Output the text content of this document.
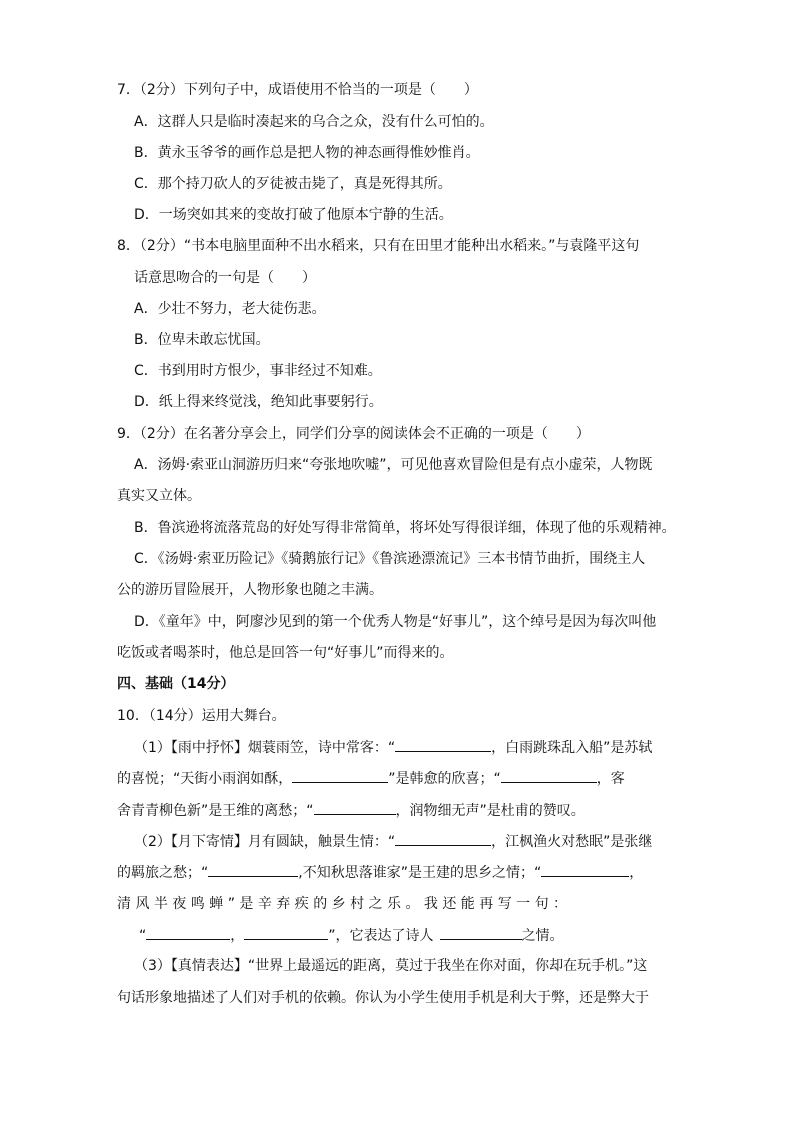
7．（2分）下列句子中，成语使用不恰当的一项是（　　）
A．这群人只是临时凑起来的乌合之众，没有什么可怕的。
B．黄永玉爷爷的画作总是把人物的神态画得惟妙惟肖。
C．那个持刀砍人的歹徒被击毙了，真是死得其所。
D．一场突如其来的变故打破了他原本宁静的生活。
8．（2分）“书本电脑里面种不出水稻来，只有在田里才能种出水稻来。”与袁隆平这句
话意思吻合的一句是（　　）
A．少壮不努力，老大徒伤悲。
B．位卑未敢忘忧国。
C．书到用时方恨少，事非经过不知难。
D．纸上得来终觉浅，绝知此事要躬行。
9．（2分）在名著分享会上，同学们分享的阅读体会不正确的一项是（　　）
A．汤姆·索亚山洞游历归来“夸张地吹嘘”，可见他喜欢冒险但是有点小虚荣，人物既
真实又立体。
B．鲁滨逊将流落荒岛的好处写得非常简单，将坏处写得很详细，体现了他的乐观精神。
C．《汤姆·索亚历险记》《骑鹅旅行记》《鲁滨逊漂流记》三本书情节曲折，围绕主人
公的游历冒险展开，人物形象也随之丰满。
D．《童年》中，阿廖沙见到的第一个优秀人物是“好事儿”，这个绰号是因为每次叫他
吃饭或者喝茶时，他总是回答一句“好事儿”而得来的。
四、基础（14分）
10．（14分）运用大舞台。
（1）【雨中抒怀】烟蓑雨笠，诗中常客：“	，白雨跳珠乱入船”是苏轼
的喜悦；“天街小雨润如酥，	”是韩愈的欣喜；“	，客
舍青青柳色新”是王维的离愁；“	，润物细无声”是杜甫的赞叹。
（2）【月下寄情】月有圆缺，触景生情：“	，江枫渔火对愁眠”是张继
的羁旅之愁；“	,不知秋思落谁家”是王建的思乡之情；“	，
清 风 半 夜 鸣 蝉 ” 是 辛 弃 疾 的 乡 村 之 乐 。 我 还 能 再 写 一 句 ：
“	，	”，它表达了诗人	之情。
（3）【真情表达】“世界上最遥远的距离，莫过于我坐在你对面，你却在玩手机。”这
句话形象地描述了人们对手机的依赖。你认为小学生使用手机是利大于弊，还是弊大于
